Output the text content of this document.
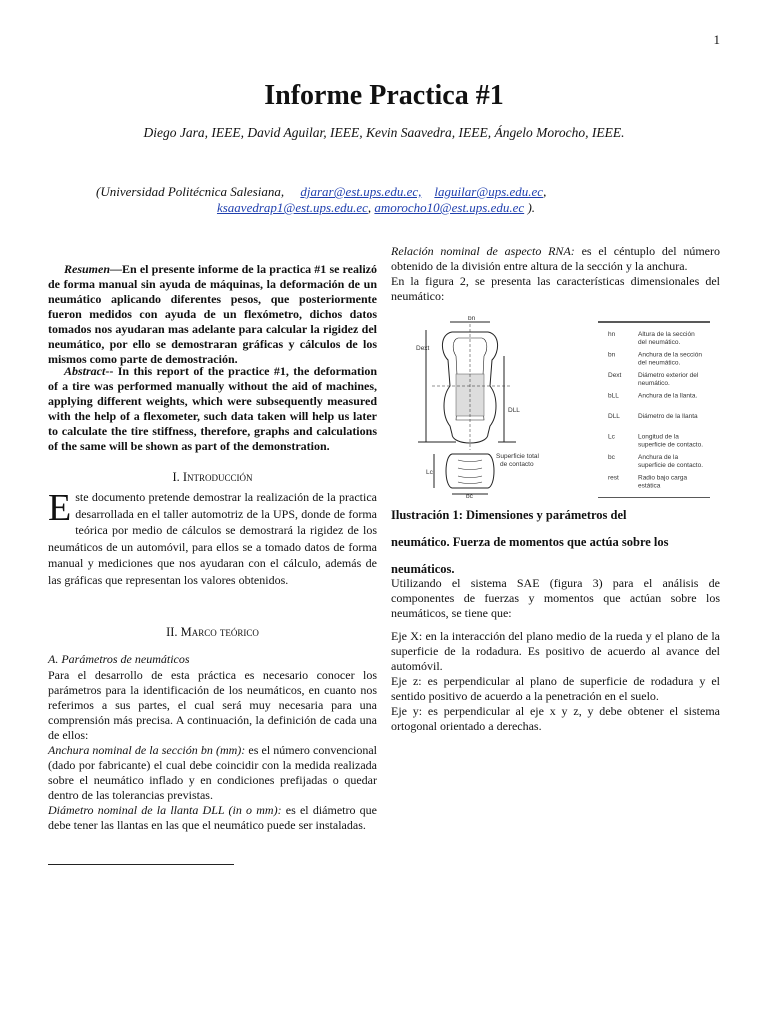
1
Informe Practica #1
Diego Jara, IEEE, David Aguilar, IEEE, Kevin Saavedra, IEEE, Ángelo Morocho, IEEE.
(Universidad Politécnica Salesiana, djarar@est.ups.edu.ec, laguilar@ups.edu.ec,
ksaavedrap1@est.ups.edu.ec, amorocho10@est.ups.edu.ec ).
Resumen—En el presente informe de la practica #1 se realizó de forma manual sin ayuda de máquinas, la deformación de un neumático aplicando diferentes pesos, que posteriormente fueron medidos con ayuda de un flexómetro, dichos datos tomados nos ayudaran mas adelante para calcular la rigidez del neumático, por ello se demostraran gráficas y cálculos de los mismos como parte de demostración.
Abstract-- In this report of the practice #1, the deformation of a tire was performed manually without the aid of machines, applying different weights, which were subsequently measured with the help of a flexometer, such data taken will help us later to calculate the tire stiffness, therefore, graphs and calculations of the same will be shown as part of the demonstration.
I. Introducción
Este documento pretende demostrar la realización de la practica desarrollada en el taller automotriz de la UPS, donde de forma teórica por medio de cálculos se demostrará la rigidez de los neumáticos de un automóvil, para ellos se a tomado datos de forma manual y mediciones que nos ayudaran con el cálculo, además de las gráficas que representan los valores obtenidos.
II. Marco teórico
A. Parámetros de neumáticos
Para el desarrollo de esta práctica es necesario conocer los parámetros para la identificación de los neumáticos, en cuanto nos referimos a sus partes, el cual será muy necesaria para una comprensión más precisa. A continuación, la definición de cada una de ellos:
Anchura nominal de la sección bn (mm): es el número convencional (dado por fabricante) el cual debe coincidir con la medida realizada sobre el neumático inflado y en condiciones prefijadas o quedar dentro de las tolerancias previstas.
Diámetro nominal de la llanta DLL (in o mm): es el diámetro que debe tener las llantas en las que el neumático puede ser instaladas.
Relación nominal de aspecto RNA: es el céntuplo del número obtenido de la división entre altura de la sección y la anchura.
En la figura 2, se presenta las características dimensionales del neumático:
bn
Dext
DLL
Lc
bc
Superficie total
de contacto
hn	Altura de la sección
del neumático.
bn	Anchura de la sección
del neumático.
Dext	Diámetro exterior del
neumático.
bLL	Anchura de la llanta.
DLL	Diámetro de la llanta
Lc	Longitud de la
superficie de contacto.
bc	Anchura de la
superficie de contacto.
rest	Radio bajo carga
estática
Ilustración 1: Dimensiones y parámetros del
neumático. Fuerza de momentos que actúa sobre los
neumáticos.
Utilizando el sistema SAE (figura 3) para el análisis de componentes de fuerzas y momentos que actúan sobre los neumáticos, se tiene que:
Eje X: en la interacción del plano medio de la rueda y el plano de la superficie de la rodadura. Es positivo de acuerdo al avance del automóvil.
Eje z: es perpendicular al plano de superficie de rodadura y el sentido positivo de acuerdo a la penetración en el suelo.
Eje y: es perpendicular al eje x y z, y debe obtener el sistema ortogonal orientado a derechas.
